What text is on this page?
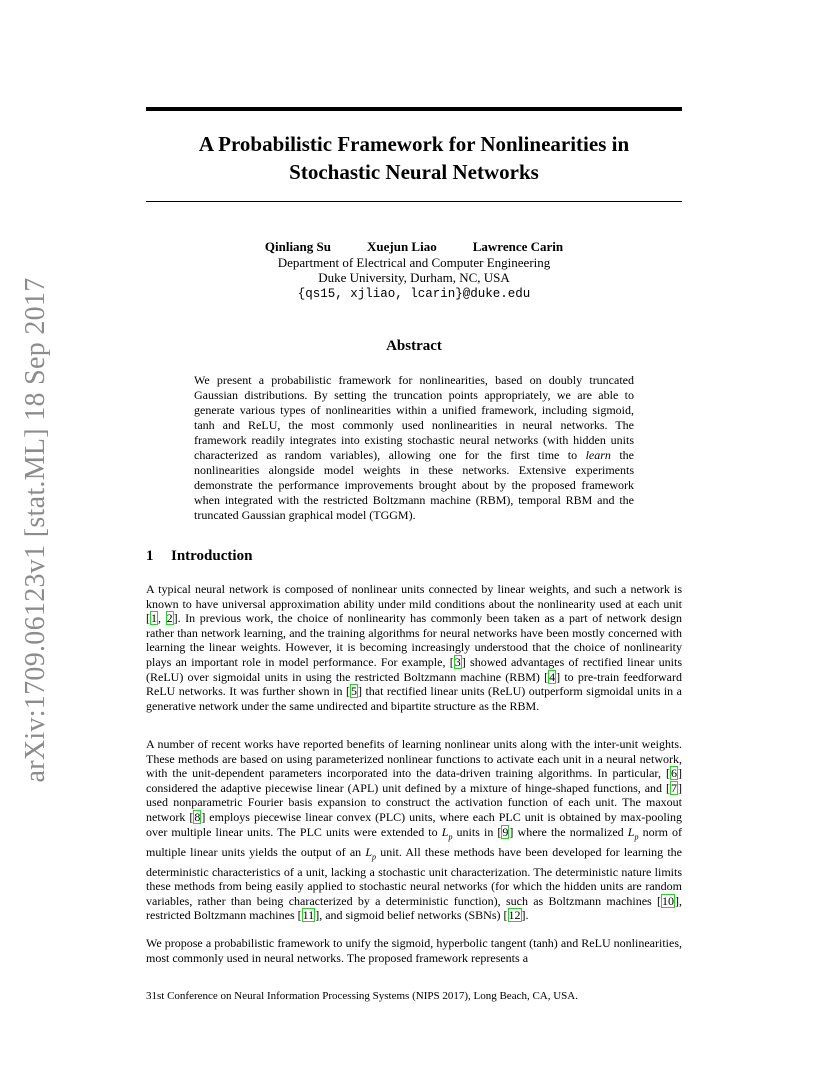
arXiv:1709.06123v1 [stat.ML] 18 Sep 2017
A Probabilistic Framework for Nonlinearities in
Stochastic Neural Networks
Qinliang Su	Xuejun Liao	Lawrence Carin
Department of Electrical and Computer Engineering
Duke University, Durham, NC, USA
{qs15, xjliao, lcarin}@duke.edu
Abstract
We present a probabilistic framework for nonlinearities, based on doubly truncated Gaussian distributions. By setting the truncation points appropriately, we are able to generate various types of nonlinearities within a unified framework, including sigmoid, tanh and ReLU, the most commonly used nonlinearities in neural networks. The framework readily integrates into existing stochastic neural networks (with hidden units characterized as random variables), allowing one for the first time to learn the nonlinearities alongside model weights in these networks. Extensive experiments demonstrate the performance improvements brought about by the proposed framework when integrated with the restricted Boltzmann machine (RBM), temporal RBM and the truncated Gaussian graphical model (TGGM).
1 Introduction
A typical neural network is composed of nonlinear units connected by linear weights, and such a network is known to have universal approximation ability under mild conditions about the nonlinearity used at each unit [1, 2]. In previous work, the choice of nonlinearity has commonly been taken as a part of network design rather than network learning, and the training algorithms for neural networks have been mostly concerned with learning the linear weights. However, it is becoming increasingly understood that the choice of nonlinearity plays an important role in model performance. For example, [3] showed advantages of rectified linear units (ReLU) over sigmoidal units in using the restricted Boltzmann machine (RBM) [4] to pre-train feedforward ReLU networks. It was further shown in [5] that rectified linear units (ReLU) outperform sigmoidal units in a generative network under the same undirected and bipartite structure as the RBM.
A number of recent works have reported benefits of learning nonlinear units along with the inter-unit weights. These methods are based on using parameterized nonlinear functions to activate each unit in a neural network, with the unit-dependent parameters incorporated into the data-driven training algorithms. In particular, [6] considered the adaptive piecewise linear (APL) unit defined by a mixture of hinge-shaped functions, and [7] used nonparametric Fourier basis expansion to construct the activation function of each unit. The maxout network [8] employs piecewise linear convex (PLC) units, where each PLC unit is obtained by max-pooling over multiple linear units. The PLC units were extended to $L_p$ units in [9] where the normalized $L_p$ norm of multiple linear units yields the output of an $L_p$ unit. All these methods have been developed for learning the deterministic characteristics of a unit, lacking a stochastic unit characterization. The deterministic nature limits these methods from being easily applied to stochastic neural networks (for which the hidden units are random variables, rather than being characterized by a deterministic function), such as Boltzmann machines [10], restricted Boltzmann machines [11], and sigmoid belief networks (SBNs) [12].
We propose a probabilistic framework to unify the sigmoid, hyperbolic tangent (tanh) and ReLU nonlinearities, most commonly used in neural networks. The proposed framework represents a
31st Conference on Neural Information Processing Systems (NIPS 2017), Long Beach, CA, USA.
